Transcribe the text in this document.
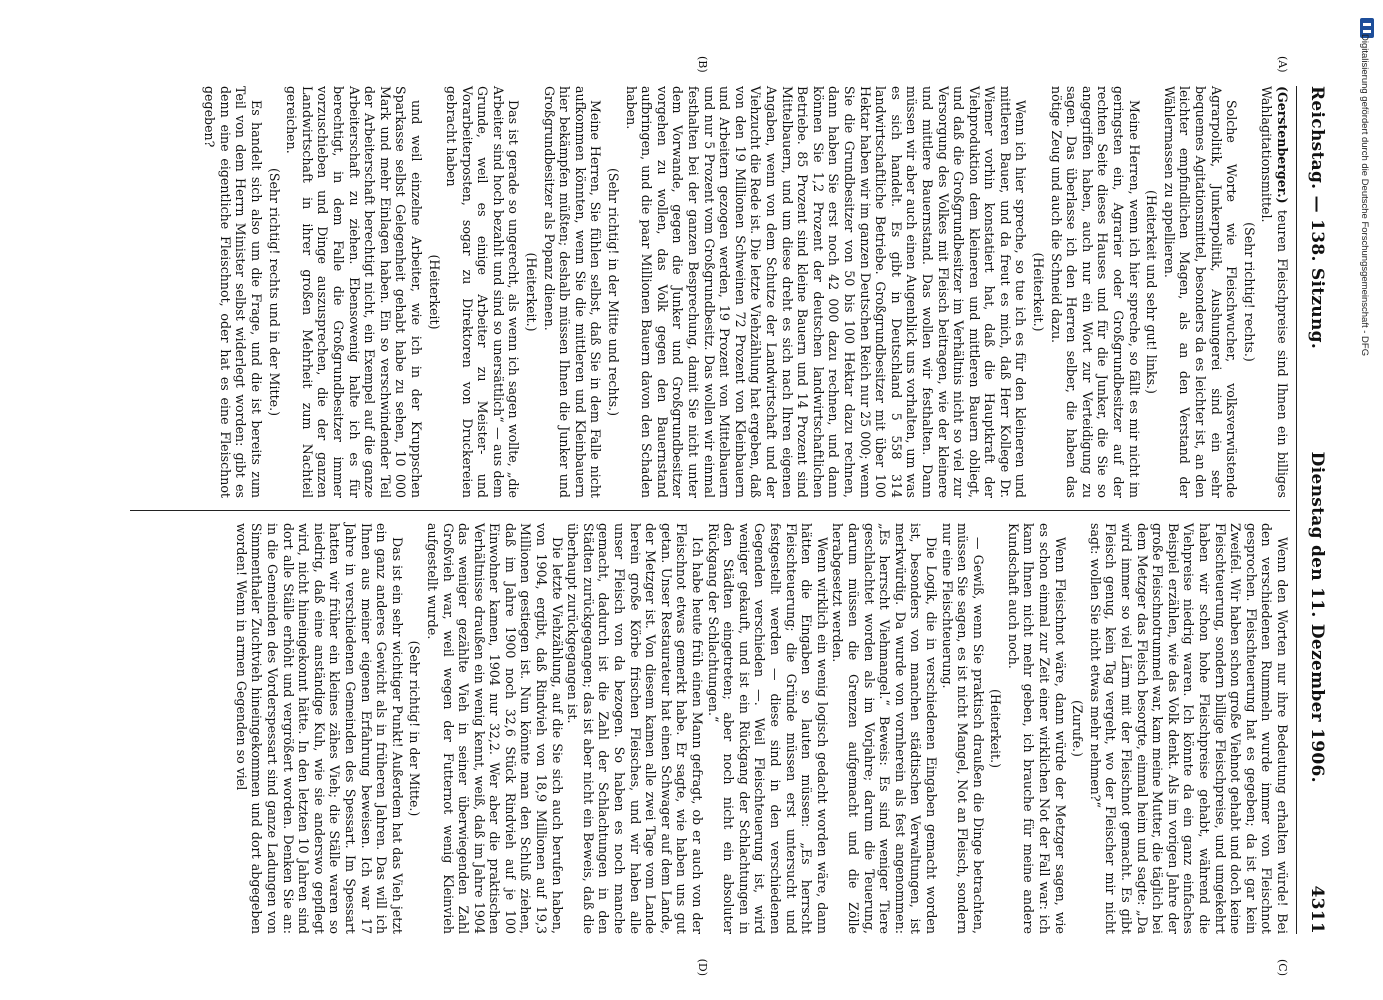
Reichstag. — 138. Sitzung.
Dienstag den 11. Dezember 1906.
4311
(A)
(B)

(Gerstenberger.) teuren Fleischpreise sind Ihnen ein billiges Wahlagitationsmittel.

(Sehr richtig! rechts.)

Solche Worte wie Fleischwucher, volksverwüstende Agrarpolitik, Junkerpolitik, Aushungerei sind ein sehr bequemes Agitationsmittel, besonders da es leichter ist, an den leichter empfindlichen Magen, als an den Verstand der Wählermassen zu appellieren.

(Heiterkeit und sehr gut! links.)

Meine Herren, wenn ich hier spreche, so fällt es mir nicht im geringsten ein, Agrarier oder Großgrundbesitzer auf der rechten Seite dieses Hauses und für die Junker, die Sie so angegriffen haben, auch nur ein Wort zur Verteidigung zu sagen. Das überlasse ich den Herren selber, die haben das nötige Zeug und auch die Schneid dazu.

(Heiterkeit.)

Wenn ich hier spreche, so tue ich es für den kleineren und mittleren Bauer, und da freut es mich, daß Herr Kollege Dr. Wiemer vorhin konstatiert hat, daß die Hauptkraft der Viehproduktion dem kleineren und mittleren Bauern obliegt, und daß die Großgrundbesitzer im Verhältnis nicht so viel zur Versorgung des Volkes mit Fleisch beitragen, wie der kleinere und mittlere Bauernstand. Das wollen wir festhalten. Dann müssen wir aber auch einen Augenblick uns vorhalten, um was es sich handelt. Es gibt in Deutschland 5 558 314 landwirtschaftliche Betriebe. Großgrundbesitzer mit über 100 Hektar haben wir im ganzen Deutschen Reich nur 25 000; wenn Sie die Grundbesitzer von 50 bis 100 Hektar dazu rechnen, dann haben Sie erst noch 42 000 dazu rechnen, und dann können Sie 1,2 Prozent der deutschen landwirtschaftlichen Betriebe. 85 Prozent sind kleine Bauern und 14 Prozent sind Mittelbauern, und um diese dreht es sich nach Ihren eigenen Angaben, wenn von dem Schutze der Landwirtschaft und der Viehzucht die Rede ist. Die letzte Viehzählung hat ergeben, daß von den 19 Millionen Schweinen 72 Prozent von Kleinbauern und Arbeitern gezogen werden, 19 Prozent von Mittelbauern und nur 5 Prozent vom Großgrundbesitz. Das wollen wir einmal festhalten bei der ganzen Besprechung, damit Sie nicht unter dem Vorwande, gegen die Junker und Großgrundbesitzer vorgehen zu wollen, das Volk gegen den Bauernstand aufbringen, und die paar Millionen Bauern davon den Schaden haben.

(Sehr richtig! in der Mitte und rechts.)

Meine Herren, Sie fühlen selbst, daß Sie in dem Falle nicht aufkommen könnten, wenn Sie die mittleren und Kleinbauern hier bekämpfen müßten; deshalb müssen Ihnen die Junker und Großgrundbesitzer als Popanz dienen.

(Heiterkeit.)

Das ist gerade so ungerecht, als wenn ich sagen wollte, „die Arbeiter sind hoch bezahlt und sind so unersättlich“ — aus dem Grunde, weil es einige Arbeiter zu Meister- und Vorarbeiterposten, sogar zu Direktoren von Druckereien gebracht haben

(Heiterkeit)

und weil einzelne Arbeiter, wie ich in der Kruppschen Sparkasse selbst Gelegenheit gehabt habe zu sehen, 10 000 Mark und mehr Einlagen haben. Ein so verschwindender Teil der Arbeiterschaft berechtigt nicht, ein Exempel auf die ganze Arbeiterschaft zu ziehen. Ebensowenig halte ich es für berechtigt, in dem Falle die Großgrundbesitzer immer vorzuschieben und Dinge auszusprechen, die der ganzen Landwirtschaft in ihrer großen Mehrheit zum Nachteil gereichen.

(Sehr richtig! rechts und in der Mitte.)

Es handelt sich also um die Frage, und die ist bereits zum Teil von dem Herrn Minister selbst widerlegt worden: gibt es denn eine eigentliche Fleischnot, oder hat es eine Fleischnot gegeben?

(C)
(D)

Wenn den Worten nur ihre Bedeutung erhalten würde! Bei den verschiedenen Rummeln wurde immer von Fleischnot gesprochen. Fleischteuerung hat es gegeben; da ist gar kein Zweifel. Wir haben schon große Viehnot gehabt und doch keine Fleischteuerung, sondern billige Fleischpreise, und umgekehrt haben wir schon hohe Fleischpreise gehabt, während die Viehpreise niedrig waren. Ich könnte da ein ganz einfaches Beispiel erzählen, wie das Volk denkt. Als im vorigen Jahre der große Fleischnotrummel war, kam meine Mutter, die täglich bei dem Metzger das Fleisch besorgte, einmal heim und sagte: „Da wird immer so viel Lärm mit der Fleischnot gemacht. Es gibt Fleisch genug, kein Tag vergeht, wo der Fleischer mir nicht sagt: wollen Sie nicht etwas mehr nehmen?“

(Zurufe.)

Wenn Fleischnot wäre, dann würde der Metzger sagen, wie es schon einmal zur Zeit einer wirklichen Not der Fall war: ich kann Ihnen nicht mehr geben, ich brauche für meine andere Kundschaft auch noch.

(Heiterkeit.)

— Gewiß, wenn Sie praktisch draußen die Dinge betrachten, müssen Sie sagen, es ist nicht Mangel, Not an Fleisch, sondern nur eine Fleischteuerung.

Die Logik, die in verschiedenen Eingaben gemacht worden ist, besonders von manchen städtischen Verwaltungen, ist merkwürdig. Da wurde von vornherein als fest angenommen: „Es herrscht Viehmangel.“ Beweis: Es sind weniger Tiere geschlachtet worden als im Vorjahre; darum die Teuerung, darum müssen die Grenzen aufgemacht und die Zölle herabgesetzt werden.

Wenn wirklich ein wenig logisch gedacht worden wäre, dann hätten die Eingaben so lauten müssen: „Es herrscht Fleischteuerung; die Gründe müssen erst untersucht und festgestellt werden — diese sind in den verschiedenen Gegenden verschieden —. Weil Fleischteuerung ist, wird weniger gekauft, und ist ein Rückgang der Schlachtungen in den Städten eingetreten; aber noch nicht ein absoluter Rückgang der Schlachtungen.“

Ich habe heute früh einen Mann gefragt, ob er auch von der Fleischnot etwas gemerkt habe. Er sagte, wie haben uns gut getan. Unser Restaurateur hat einen Schwager auf dem Lande, der Metzger ist. Von diesem kamen alle zwei Tage vom Lande herein große Körbe frischen Fleisches, und wir haben alle unser Fleisch von da bezogen. So haben es noch manche gemacht, dadurch ist die Zahl der Schlachtungen in den Städten zurückgegangen; das ist aber nicht ein Beweis, daß die überhaupt zurückgegangen ist.

Die letzte Viehzählung, auf die Sie sich auch berufen haben, von 1904, ergibt, daß Rindvieh von 18,9 Millionen auf 19,3 Millionen gestiegen ist. Nun könnte man den Schluß ziehen, daß im Jahre 1900 noch 32,6 Stück Rindvieh auf je 100 Einwohner kamen, 1904 nur 32,2. Wer aber die praktischen Verhältnisse draußen ein wenig kennt, weiß, daß im Jahre 1904 das weniger gezählte Vieh in seiner überwiegenden Zahl Großvieh war, weil wegen der Futternot wenig Kleinvieh aufgestellt wurde.

(Sehr richtig! in der Mitte.)

Das ist ein sehr wichtiger Punkt! Außerdem hat das Vieh jetzt ein ganz anderes Gewicht als in früheren Jahren. Das will ich Ihnen aus meiner eigenen Erfahrung beweisen. Ich war 17 Jahre in verschiedenen Gemeinden des Spessart. Im Spessart hatten wir früher ein kleines zähes Vieh; die Ställe waren so niedrig, daß eine anständige Kuh, wie sie anderswo gepflegt wird, nicht hineingekonnt hätte. In den letzten 10 Jahren sind dort alle Ställe erhöht und vergrößert worden. Denken Sie an: in die Gemeinden des Vorderspessart sind ganze Ladungen von Simmenthaler Zuchtvieh hineingekommen und dort abgegeben worden! Wenn in armen Gegenden so viel

Digitalisierung gefördert durch die Deutsche Forschungsgemeinschaft - DFG
